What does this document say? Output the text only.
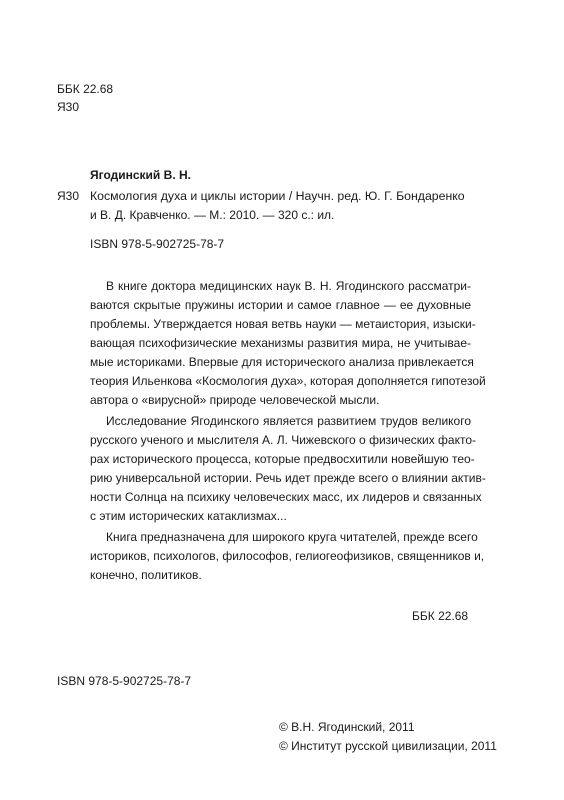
ББК 22.68
Я30
Ягодинский В. Н.
Я30 Космология духа и циклы истории / Научн. ред. Ю. Г. Бондаренко
и В. Д. Кравченко. — М.: 2010. — 320 с.: ил.
ISBN 978-5-902725-78-7
В книге доктора медицинских наук В. Н. Ягодинского рассматри-
ваются скрытые пружины истории и самое главное — ее духовные
проблемы. Утверждается новая ветвь науки — метаистория, изыски-
вающая психофизические механизмы развития мира, не учитывае-
мые историками. Впервые для исторического анализа привлекается
теория Ильенкова «Космология духа», которая дополняется гипотезой
автора о «вирусной» природе человеческой мысли.
Исследование Ягодинского является развитием трудов великого
русского ученого и мыслителя А. Л. Чижевского о физических факто-
рах исторического процесса, которые предвосхитили новейшую тео-
рию универсальной истории. Речь идет прежде всего о влиянии актив-
ности Солнца на психику человеческих масс, их лидеров и связанных
с этим исторических катаклизмах...
Книга предназначена для широкого круга читателей, прежде всего
историков, психологов, философов, гелиогеофизиков, священников и,
конечно, политиков.
ББК 22.68
ISBN 978-5-902725-78-7
© В.Н. Ягодинский, 2011
© Институт русской цивилизации, 2011
